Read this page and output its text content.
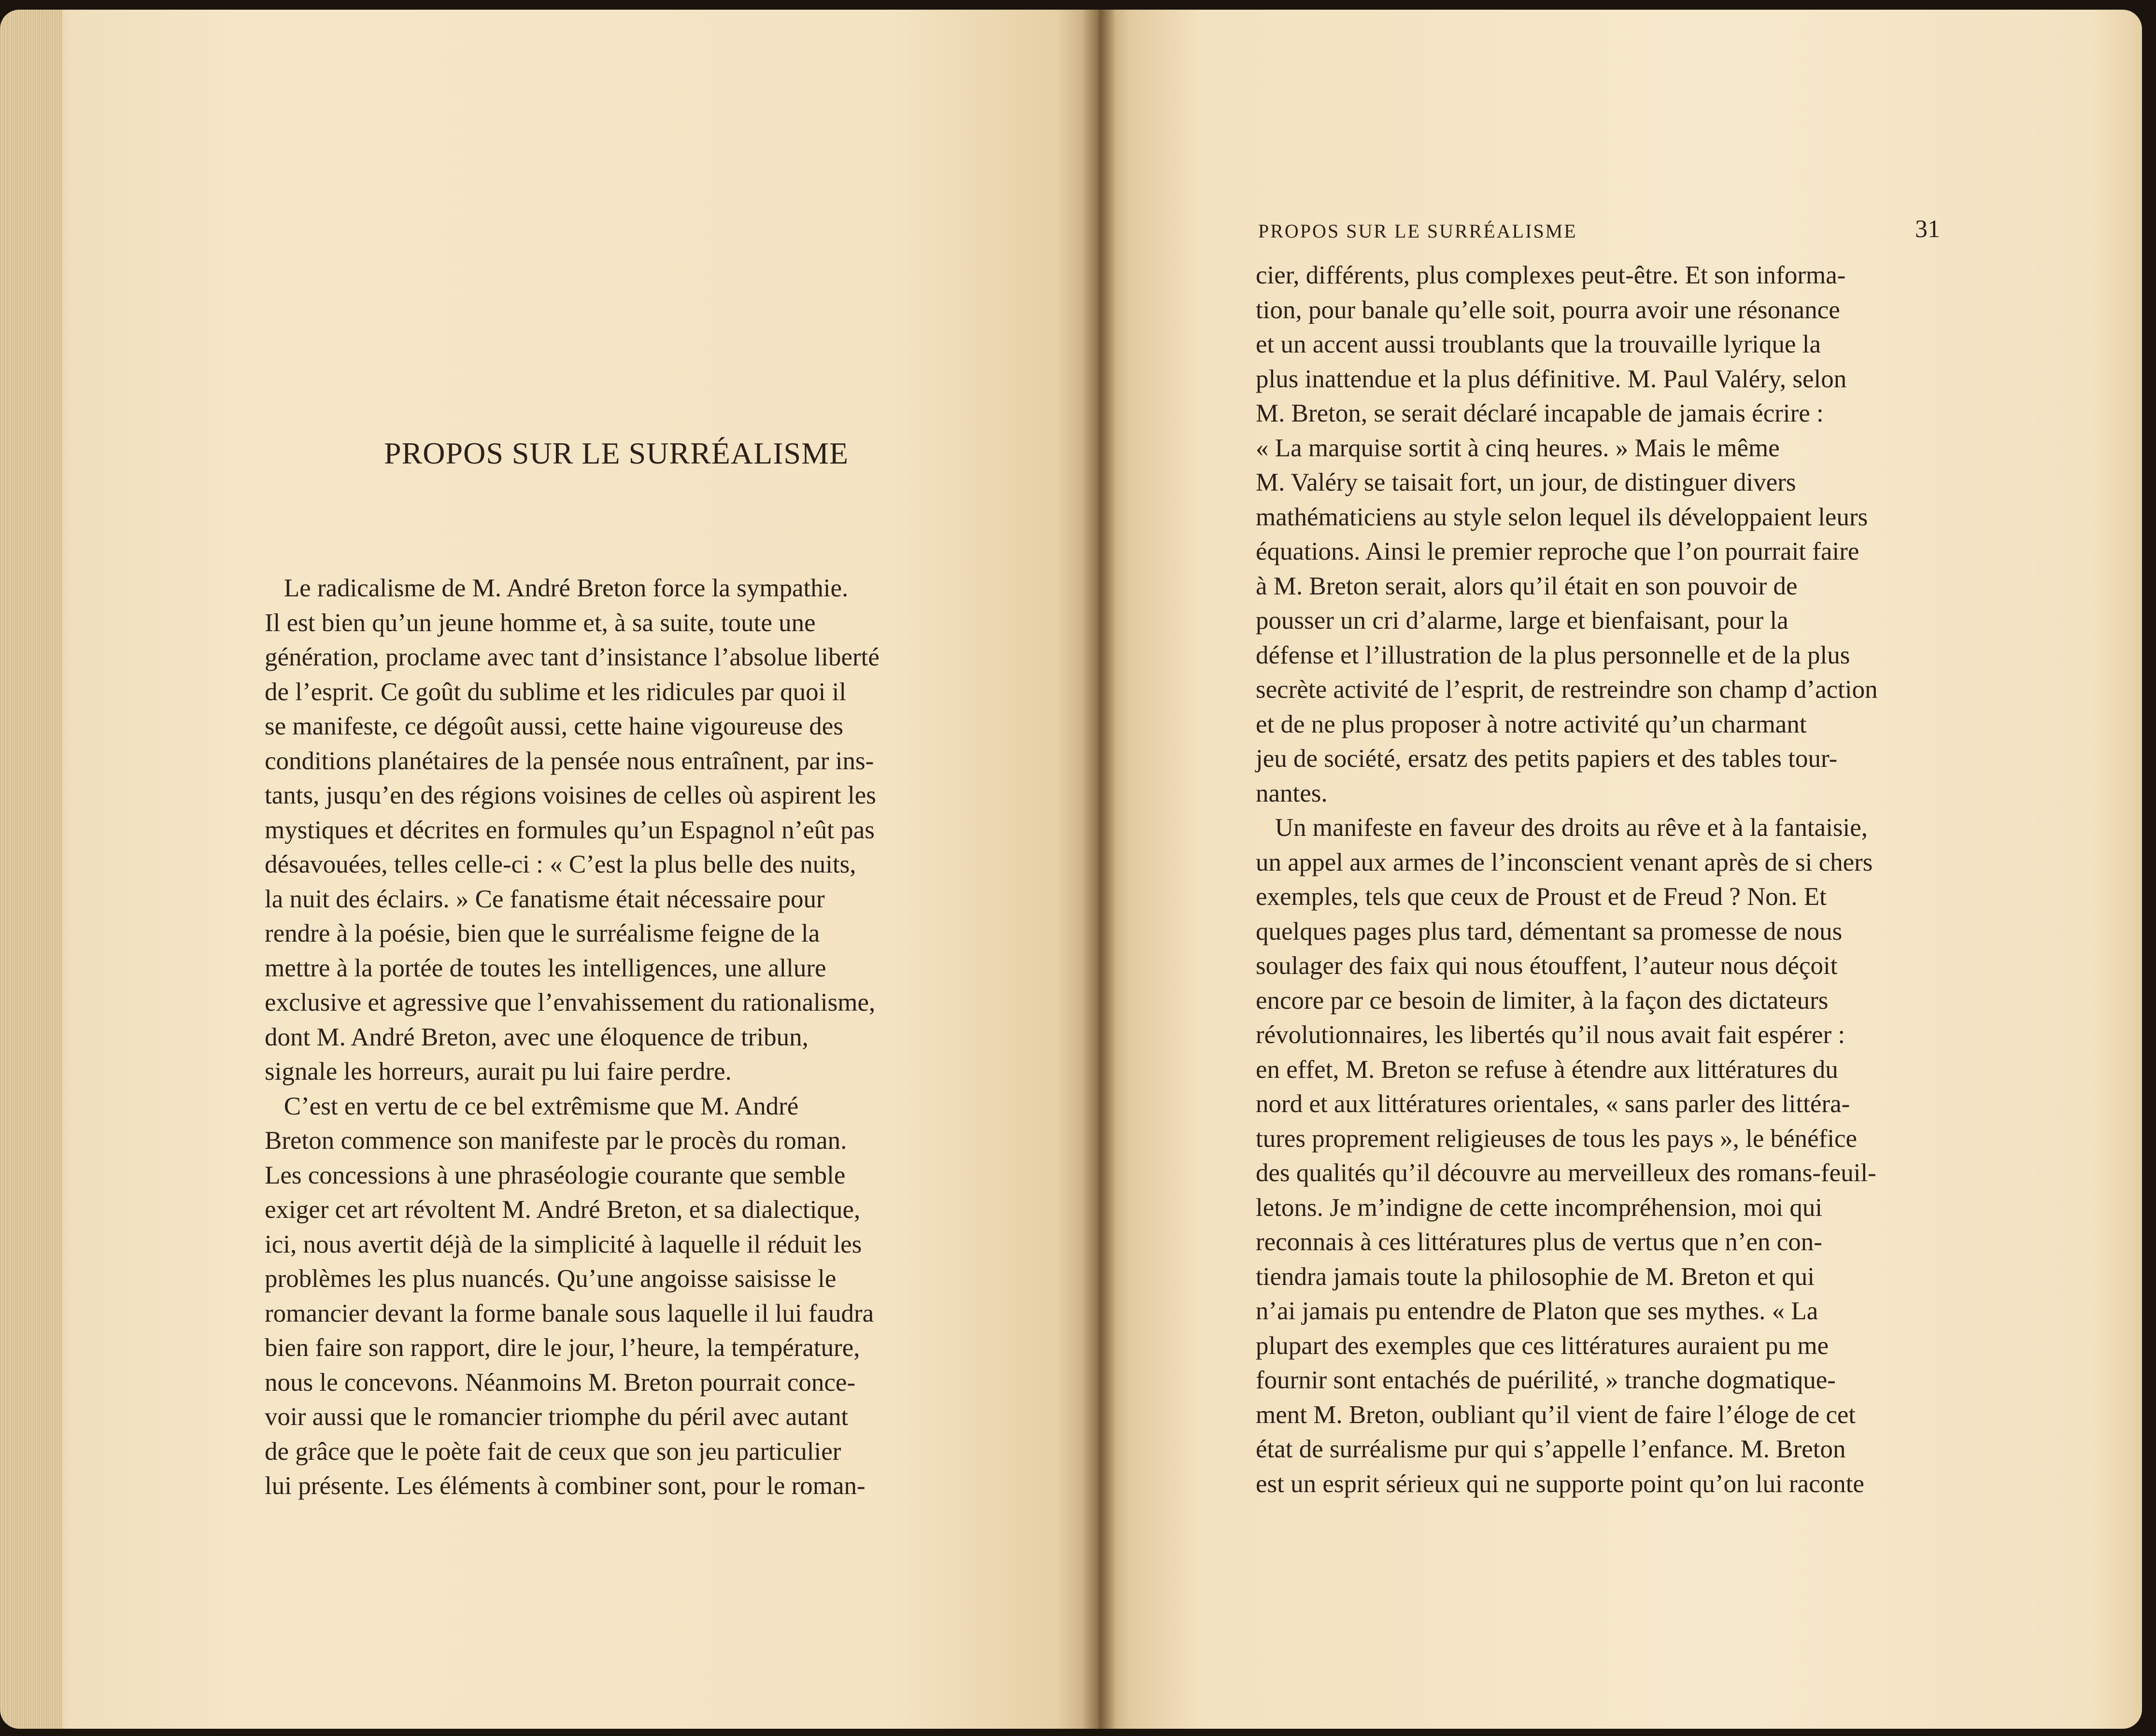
PROPOS SUR LE SURRÉALISME
Le radicalisme de M. André Breton force la sympathie.
Il est bien qu’un jeune homme et, à sa suite, toute une
génération, proclame avec tant d’insistance l’absolue liberté
de l’esprit. Ce goût du sublime et les ridicules par quoi il
se manifeste, ce dégoût aussi, cette haine vigoureuse des
conditions planétaires de la pensée nous entraînent, par ins-
tants, jusqu’en des régions voisines de celles où aspirent les
mystiques et décrites en formules qu’un Espagnol n’eût pas
désavouées, telles celle-ci : « C’est la plus belle des nuits,
la nuit des éclairs. » Ce fanatisme était nécessaire pour
rendre à la poésie, bien que le surréalisme feigne de la
mettre à la portée de toutes les intelligences, une allure
exclusive et agressive que l’envahissement du rationalisme,
dont M. André Breton, avec une éloquence de tribun,
signale les horreurs, aurait pu lui faire perdre.
C’est en vertu de ce bel extrêmisme que M. André
Breton commence son manifeste par le procès du roman.
Les concessions à une phraséologie courante que semble
exiger cet art révoltent M. André Breton, et sa dialectique,
ici, nous avertit déjà de la simplicité à laquelle il réduit les
problèmes les plus nuancés. Qu’une angoisse saisisse le
romancier devant la forme banale sous laquelle il lui faudra
bien faire son rapport, dire le jour, l’heure, la température,
nous le concevons. Néanmoins M. Breton pourrait conce-
voir aussi que le romancier triomphe du péril avec autant
de grâce que le poète fait de ceux que son jeu particulier
lui présente. Les éléments à combiner sont, pour le roman-
PROPOS SUR LE SURRÉALISME	31
cier, différents, plus complexes peut-être. Et son informa-
tion, pour banale qu’elle soit, pourra avoir une résonance
et un accent aussi troublants que la trouvaille lyrique la
plus inattendue et la plus définitive. M. Paul Valéry, selon
M. Breton, se serait déclaré incapable de jamais écrire :
« La marquise sortit à cinq heures. » Mais le même
M. Valéry se taisait fort, un jour, de distinguer divers
mathématiciens au style selon lequel ils développaient leurs
équations. Ainsi le premier reproche que l’on pourrait faire
à M. Breton serait, alors qu’il était en son pouvoir de
pousser un cri d’alarme, large et bienfaisant, pour la
défense et l’illustration de la plus personnelle et de la plus
secrète activité de l’esprit, de restreindre son champ d’action
et de ne plus proposer à notre activité qu’un charmant
jeu de société, ersatz des petits papiers et des tables tour-
nantes.
Un manifeste en faveur des droits au rêve et à la fantaisie,
un appel aux armes de l’inconscient venant après de si chers
exemples, tels que ceux de Proust et de Freud ? Non. Et
quelques pages plus tard, démentant sa promesse de nous
soulager des faix qui nous étouffent, l’auteur nous déçoit
encore par ce besoin de limiter, à la façon des dictateurs
révolutionnaires, les libertés qu’il nous avait fait espérer :
en effet, M. Breton se refuse à étendre aux littératures du
nord et aux littératures orientales, « sans parler des littéra-
tures proprement religieuses de tous les pays », le bénéfice
des qualités qu’il découvre au merveilleux des romans-feuil-
letons. Je m’indigne de cette incompréhension, moi qui
reconnais à ces littératures plus de vertus que n’en con-
tiendra jamais toute la philosophie de M. Breton et qui
n’ai jamais pu entendre de Platon que ses mythes. « La
plupart des exemples que ces littératures auraient pu me
fournir sont entachés de puérilité, » tranche dogmatique-
ment M. Breton, oubliant qu’il vient de faire l’éloge de cet
état de surréalisme pur qui s’appelle l’enfance. M. Breton
est un esprit sérieux qui ne supporte point qu’on lui raconte
